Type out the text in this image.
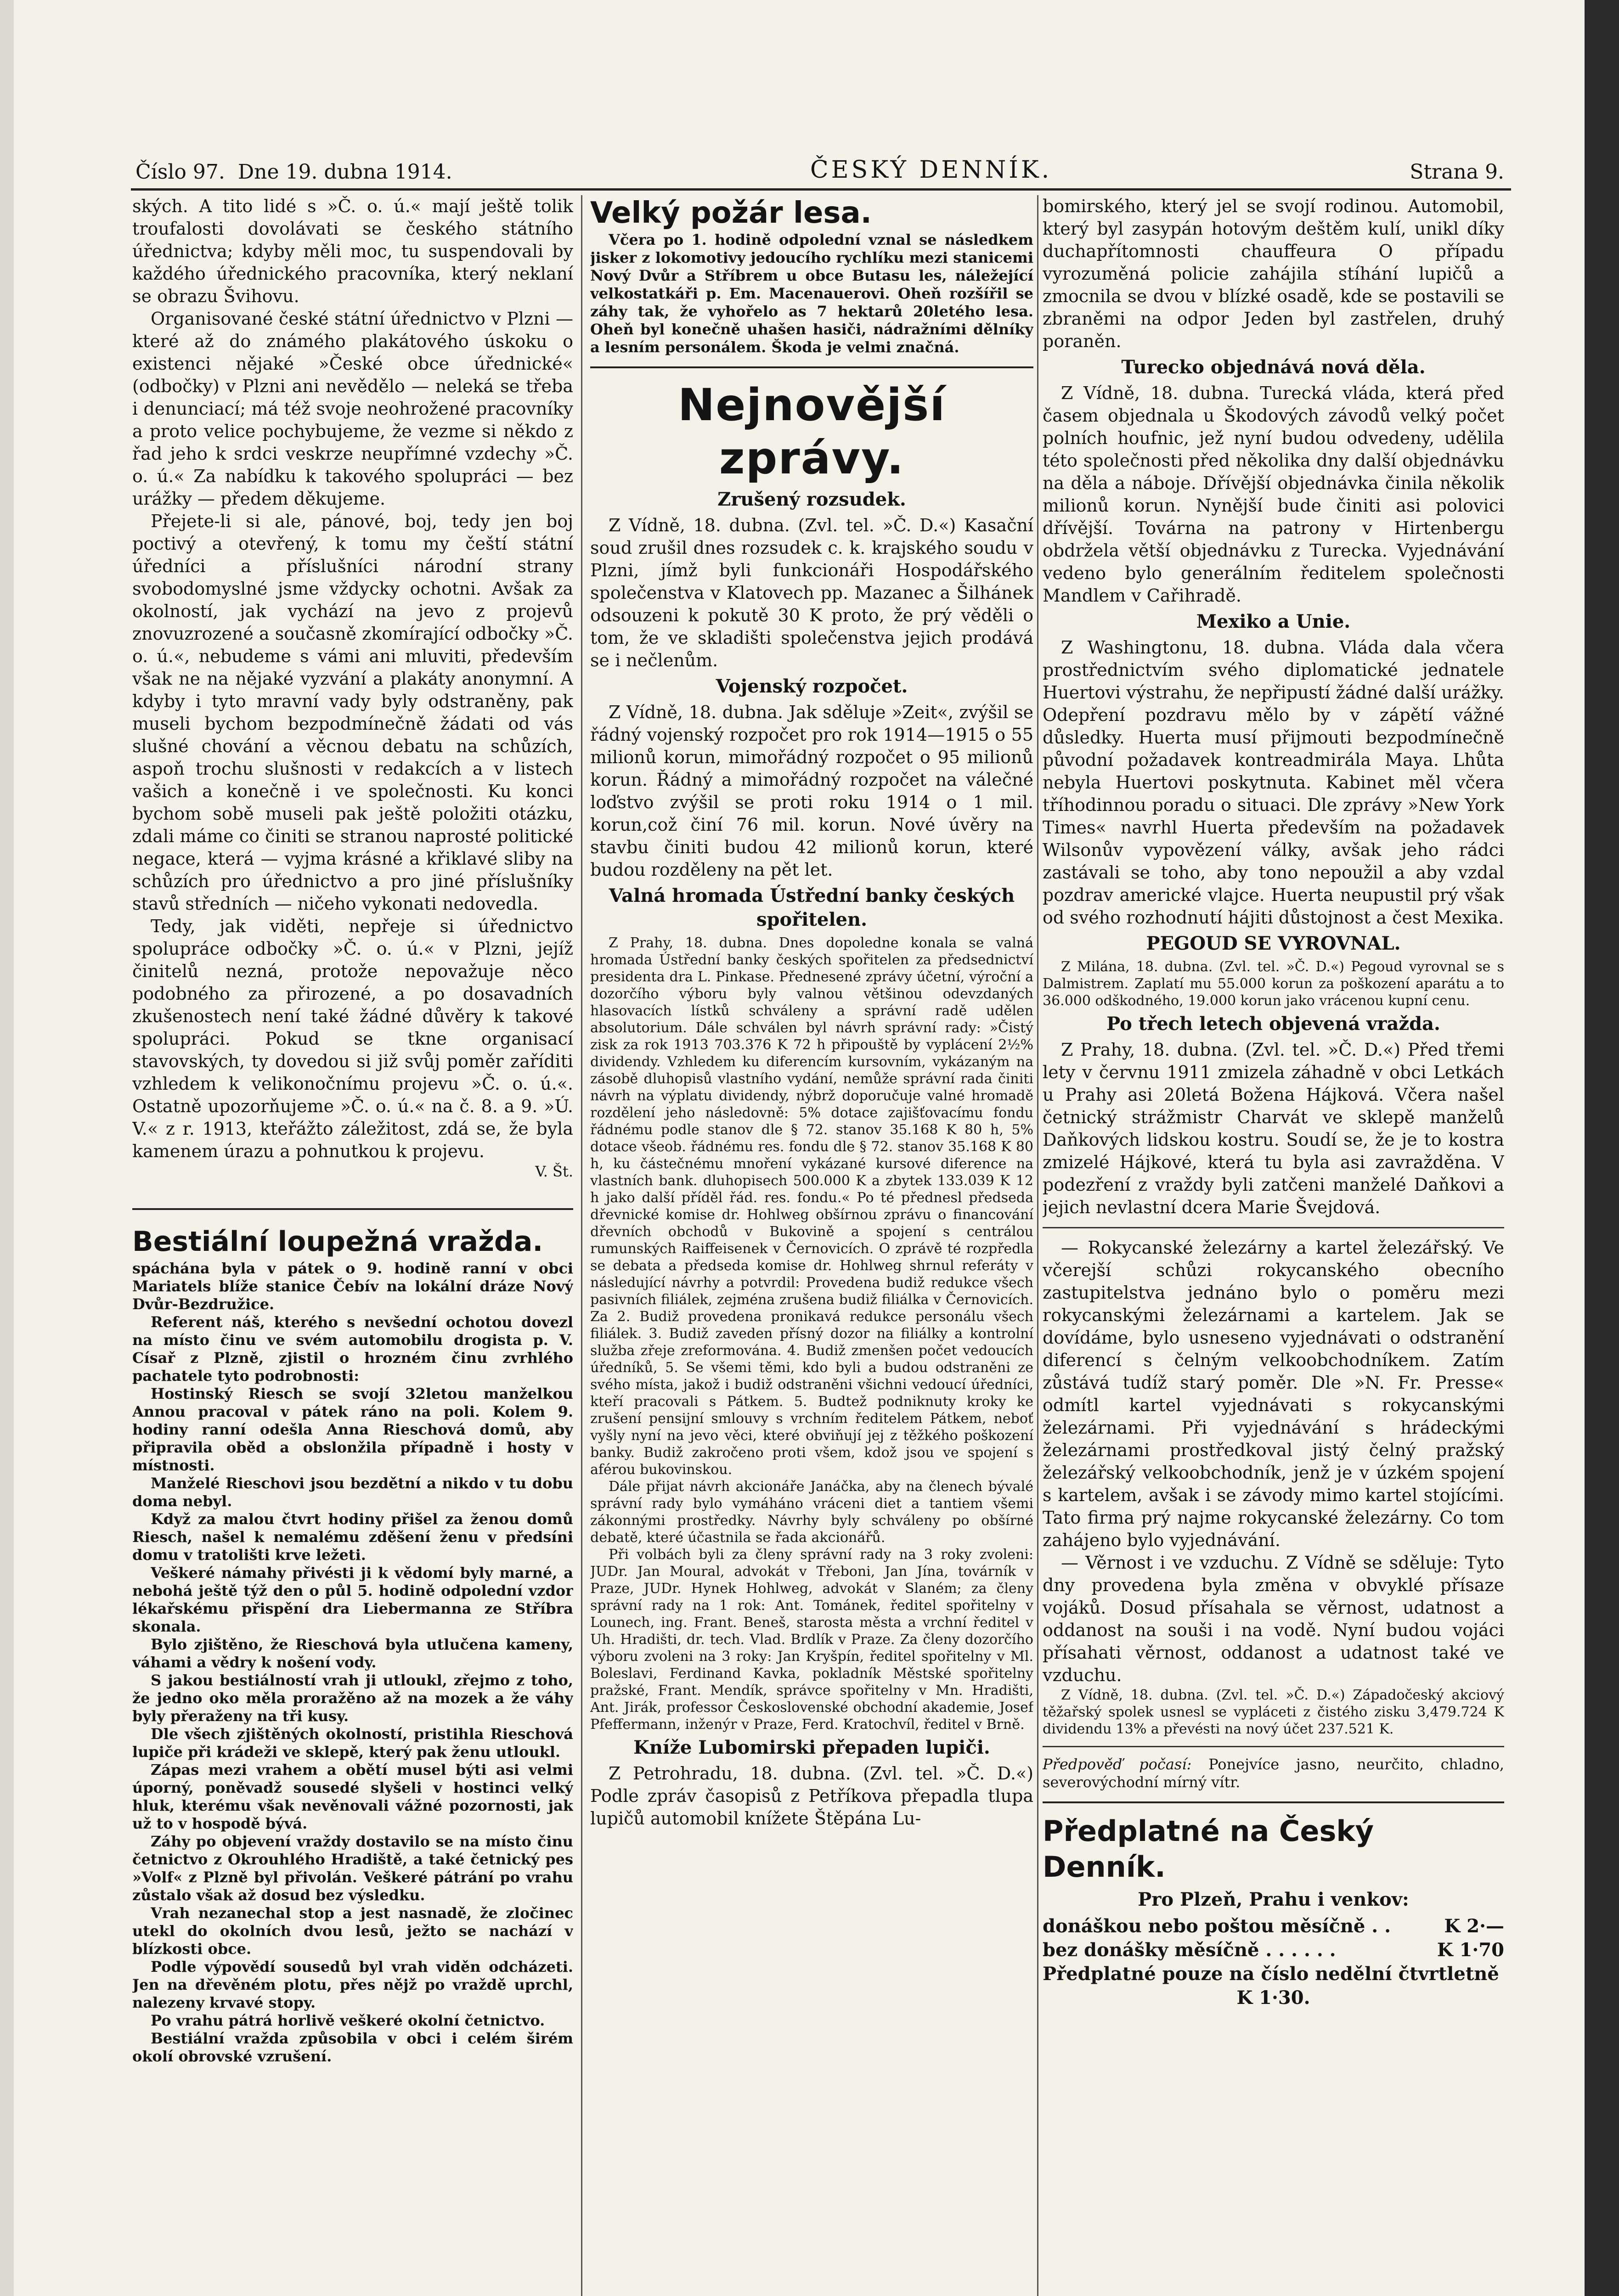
Číslo 97. Dne 19. dubna 1914.	ČESKÝ DENNÍK.	Strana 9.

ských. A tito lidé s »Č. o. ú.« mají ještě tolik troufalosti dovolávati se českého státního úřednictva; kdyby měli moc, tu suspendovali by každého úřednického pracovníka, který neklaní se obrazu Švihovu.

Organisované české státní úřednictvo v Plzni — které až do známého plakátového úskoku o existenci nějaké »České obce úřednické« (odbočky) v Plzni ani nevědělo — neleká se třeba i denunciací; má též svoje neohrožené pracovníky a proto velice pochybujeme, že vezme si někdo z řad jeho k srdci veskrze neupřímné vzdechy »Č. o. ú.« Za nabídku k takového spolupráci — bez urážky — předem děkujeme.

Přejete-li si ale, pánové, boj, tedy jen boj poctivý a otevřený, k tomu my čeští státní úředníci a příslušníci národní strany svobodomyslné jsme vždycky ochotni. Avšak za okolností, jak vychází na jevo z projevů znovuzrozené a současně zkomírající odbočky »Č. o. ú.«, nebudeme s vámi ani mluviti, především však ne na nějaké vyzvání a plakáty anonymní. A kdyby i tyto mravní vady byly odstraněny, pak museli bychom bezpodmínečně žádati od vás slušné chování a věcnou debatu na schůzích, aspoň trochu slušnosti v redakcích a v listech vašich a konečně i ve společnosti. Ku konci bychom sobě museli pak ještě položiti otázku, zdali máme co činiti se stranou naprosté politické negace, která — vyjma krásné a křiklavé sliby na schůzích pro úřednictvo a pro jiné příslušníky stavů středních — ničeho vykonati nedovedla.

Tedy, jak viděti, nepřeje si úřednictvo spolupráce odbočky »Č. o. ú.« v Plzni, jejíž činitelů nezná, protože nepovažuje něco podobného za přirozené, a po dosavadních zkušenostech není také žádné důvěry k takové spolupráci. Pokud se tkne organisací stavovských, ty dovedou si již svůj poměr zaříditi vzhledem k velikonočnímu projevu »Č. o. ú.«. Ostatně upozorňujeme »Č. o. ú.« na č. 8. a 9. »Ú. V.« z r. 1913, kteřážto záležitost, zdá se, že byla kamenem úrazu a pohnutkou k projevu.

V. Št.

Bestiální loupežná vražda.

spáchána byla v pátek o 9. hodině ranní v obci Mariatels blíže stanice Čebív na lokální dráze Nový Dvůr-Bezdružice.

Referent náš, kterého s nevšední ochotou dovezl na místo činu ve svém automobilu drogista p. V. Císař z Plzně, zjistil o hrozném činu zvrhlého pachatele tyto podrobnosti:

Hostinský Riesch se svojí 32letou manželkou Annou pracoval v pátek ráno na poli. Kolem 9. hodiny ranní odešla Anna Rieschová domů, aby připravila oběd a obslonžila případně i hosty v místnosti.

Manželé Rieschovi jsou bezdětní a nikdo v tu dobu doma nebyl.

Když za malou čtvrt hodiny přišel za ženou domů Riesch, našel k nemalému zděšení ženu v předsíni domu v tratolišti krve ležeti.

Veškeré námahy přivésti ji k vědomí byly marné, a nebohá ještě týž den o půl 5. hodině odpolední vzdor lékařskému přispění dra Liebermanna ze Stříbra skonala.

Bylo zjištěno, že Rieschová byla utlučena kameny, váhami a vědry k nošení vody.

S jakou bestiálností vrah ji utloukl, zřejmo z toho, že jedno oko měla proražěno až na mozek a že váhy byly přeraženy na tři kusy.

Dle všech zjištěných okolností, pristihla Rieschová lupiče při krádeži ve sklepě, který pak ženu utloukl.

Zápas mezi vrahem a obětí musel býti asi velmi úporný, poněvadž sousedé slyšeli v hostinci velký hluk, kterému však nevěnovali vážné pozornosti, jak už to v hospodě bývá.

Záhy po objevení vraždy dostavilo se na místo činu četnictvo z Okrouhlého Hradiště, a také četnický pes »Volf« z Plzně byl přivolán. Veškeré pátrání po vrahu zůstalo však až dosud bez výsledku.

Vrah nezanechal stop a jest nasnadě, že zločinec utekl do okolních dvou lesů, ježto se nachází v blízkosti obce.

Podle výpovědí sousedů byl vrah viděn odcházeti. Jen na dřevěném plotu, přes nějž po vraždě uprchl, nalezeny krvavé stopy.

Po vrahu pátrá horlivě veškeré okolní četnictvo.

Bestiální vražda způsobila v obci i celém širém okolí obrovské vzrušení.

Velký požár lesa.

Včera po 1. hodině odpolední vznal se následkem jisker z lokomotivy jedoucího rychlíku mezi stanicemi Nový Dvůr a Stříbrem u obce Butasu les, náležející velkostatkáři p. Em. Macenauerovi. Oheň rozšířil se záhy tak, že vyhořelo as 7 hektarů 20letého lesa. Oheň byl konečně uhašen hasiči, nádražními dělníky a lesním personálem. Škoda je velmi značná.

Nejnovější zprávy.
Zrušený rozsudek.

Z Vídně, 18. dubna. (Zvl. tel. »Č. D.«) Kasační soud zrušil dnes rozsudek c. k. krajského soudu v Plzni, jímž byli funkcionáři Hospodářského společenstva v Klatovech pp. Mazanec a Šilhánek odsouzeni k pokutě 30 K proto, že prý věděli o tom, že ve skladišti společenstva jejich prodává se i nečlenům.

Vojenský rozpočet.

Z Vídně, 18. dubna. Jak sděluje »Zeit«, zvýšil se řádný vojenský rozpočet pro rok 1914—1915 o 55 milionů korun, mimořádný rozpočet o 95 milionů korun. Řádný a mimořádný rozpočet na válečné loďstvo zvýšil se proti roku 1914 o 1 mil. korun,což činí 76 mil. korun. Nové úvěry na stavbu činiti budou 42 milionů korun, které budou rozděleny na pět let.

Valná hromada Ústřední banky českých spořitelen.

Z Prahy, 18. dubna. Dnes dopoledne konala se valná hromada Ústřední banky českých spořitelen za předsednictví presidenta dra L. Pinkase. Přednesené zprávy účetní, výroční a dozorčího výboru byly valnou většinou odevzdaných hlasovacích lístků schváleny a správní radě udělen absolutorium. Dále schválen byl návrh správní rady: »Čistý zisk za rok 1913 703.376 K 72 h připouště by vyplácení 2½% dividendy. Vzhledem ku diferencím kursovním, vykázaným na zásobě dluhopisů vlastního vydání, nemůže správní rada činiti návrh na výplatu dividendy, nýbrž doporučuje valné hromadě rozdělení jeho následovně: 5% dotace zajišťovacímu fondu řádnému podle stanov dle § 72. stanov 35.168 K 80 h, 5% dotace všeob. řádnému res. fondu dle § 72. stanov 35.168 K 80 h, ku částečnému mnoření vykázané kursové diference na vlastních bank. dluhopisech 500.000 K a zbytek 133.039 K 12 h jako další příděl řád. res. fondu.« Po té přednesl předseda dřevnické komise dr. Hohlweg obšírnou zprávu o financování dřevních obchodů v Bukovině a spojení s centrálou rumunských Raiffeisenek v Černovicích. O zprávě té rozpředla se debata a předseda komise dr. Hohlweg shrnul referáty v následující návrhy a potvrdil: Provedena budiž redukce všech pasivních filiálek, zejména zrušena budiž filiálka v Černovicích. Za 2. Budiž provedena pronikavá redukce personálu všech filiálek. 3. Budiž zaveden přísný dozor na filiálky a kontrolní služba zřeje zreformována. 4. Budiž zmenšen počet vedoucích úředníků, 5. Se všemi těmi, kdo byli a budou odstraněni ze svého místa, jakož i budiž odstraněni všichni vedoucí úředníci, kteří pracovali s Pátkem. 5. Budtež podniknuty kroky ke zrušení pensijní smlouvy s vrchním ředitelem Pátkem, neboť vyšly nyní na jevo věci, které obviňují jej z těžkého poškození banky. Budiž zakročeno proti všem, kdož jsou ve spojení s aférou bukovinskou.

Dále přijat návrh akcionáře Janáčka, aby na členech bývalé správní rady bylo vymáháno vráceni diet a tantiem všemi zákonnými prostředky. Návrhy byly schváleny po obšírné debatě, které účastnila se řada akcionářů.

Při volbách byli za členy správní rady na 3 roky zvoleni: JUDr. Jan Moural, advokát v Třeboni, Jan Jína, továrník v Praze, JUDr. Hynek Hohlweg, advokát v Slaném; za členy správní rady na 1 rok: Ant. Tománek, ředitel spořitelny v Lounech, ing. Frant. Beneš, starosta města a vrchní ředitel v Uh. Hradišti, dr. tech. Vlad. Brdlík v Praze. Za členy dozorčího výboru zvoleni na 3 roky: Jan Kryšpín, ředitel spořitelny v Ml. Boleslavi, Ferdinand Kavka, pokladník Městské spořitelny pražské, Frant. Mendík, správce spořitelny v Mn. Hradišti, Ant. Jirák, professor Československé obchodní akademie, Josef Pfeffermann, inženýr v Praze, Ferd. Kratochvíl, ředitel v Brně.

Kníže Lubomirski přepaden lupiči.

Z Petrohradu, 18. dubna. (Zvl. tel. »Č. D.«) Podle zpráv časopisů z Petříkova přepadla tlupa lupičů automobil knížete Štěpána Lu-

bomirského, který jel se svojí rodinou. Automobil, který byl zasypán hotovým deštěm kulí, unikl díky duchapřítomnosti chauffeura O případu vyrozuměná policie zahájila stíhání lupičů a zmocnila se dvou v blízké osadě, kde se postavili se zbraněmi na odpor Jeden byl zastřelen, druhý poraněn.

Turecko objednává nová děla.

Z Vídně, 18. dubna. Turecká vláda, která před časem objednala u Škodových závodů velký počet polních houfnic, jež nyní budou odvedeny, udělila této společnosti před několika dny další objednávku na děla a náboje. Dřívější objednávka činila několik milionů korun. Nynější bude činiti asi polovici dřívější. Továrna na patrony v Hirtenbergu obdržela větší objednávku z Turecka. Vyjednávání vedeno bylo generálním ředitelem společnosti Mandlem v Cařihradě.

Mexiko a Unie.

Z Washingtonu, 18. dubna. Vláda dala včera prostřednictvím svého diplomatické jednatele Huertovi výstrahu, že nepřipustí žádné další urážky. Odepření pozdravu mělo by v zápětí vážné důsledky. Huerta musí přijmouti bezpodmínečně původní požadavek kontreadmirála Maya. Lhůta nebyla Huertovi poskytnuta. Kabinet měl včera tříhodinnou poradu o situaci. Dle zprávy »New York Times« navrhl Huerta především na požadavek Wilsonův vypovězení války, avšak jeho rádci zastávali se toho, aby tono nepoužil a aby vzdal pozdrav americké vlajce. Huerta neupustil prý však od svého rozhodnutí hájiti důstojnost a čest Mexika.

PEGOUD SE VYROVNAL.

Z Milána, 18. dubna. (Zvl. tel. »Č. D.«) Pegoud vyrovnal se s Dalmistrem. Zaplatí mu 55.000 korun za poškození aparátu a to 36.000 odškodného, 19.000 korun jako vrácenou kupní cenu.

Po třech letech objevená vražda.

Z Prahy, 18. dubna. (Zvl. tel. »Č. D.«) Před třemi lety v červnu 1911 zmizela záhadně v obci Letkách u Prahy asi 20letá Božena Hájková. Včera našel četnický strážmistr Charvát ve sklepě manželů Daňkových lidskou kostru. Soudí se, že je to kostra zmizelé Hájkové, která tu byla asi zavražděna. V podezření z vraždy byli zatčeni manželé Daňkovi a jejich nevlastní dcera Marie Švejdová.

— Rokycanské železárny a kartel železářský. Ve včerejší schůzi rokycanského obecního zastupitelstva jednáno bylo o poměru mezi rokycanskými železárnami a kartelem. Jak se dovídáme, bylo usneseno vyjednávati o odstranění diferencí s čelným velkoobchodníkem. Zatím zůstává tudíž starý poměr. Dle »N. Fr. Presse« odmítl kartel vyjednávati s rokycanskými železárnami. Při vyjednávání s hrádeckými železárnami prostředkoval jistý čelný pražský železářský velkoobchodník, jenž je v úzkém spojení s kartelem, avšak i se závody mimo kartel stojícími. Tato firma prý najme rokycanské železárny. Co tom zahájeno bylo vyjednávání.

— Věrnost i ve vzduchu. Z Vídně se sděluje: Tyto dny provedena byla změna v obvyklé přísaze vojáků. Dosud přísahala se věrnost, udatnost a oddanost na souši i na vodě. Nyní budou vojáci přísahati věrnost, oddanost a udatnost také ve vzduchu.

Z Vídně, 18. dubna. (Zvl. tel. »Č. D.«) Západočeský akciový těžařský spolek usnesl se vypláceti z čistého zisku 3,479.724 K dividendu 13% a převésti na nový účet 237.521 K.

Předpověď počasí: Ponejvíce jasno, neurčito, chladno, severovýchodní mírný vítr.

Předplatné na Český Denník.
Pro Plzeň, Prahu i venkov:
donáškou nebo poštou měsíčně . .	K 2·—
bez donášky měsíčně . . . . . .	K 1·70
Předplatné pouze na číslo nedělní čtvrtletně
K 1·30.
